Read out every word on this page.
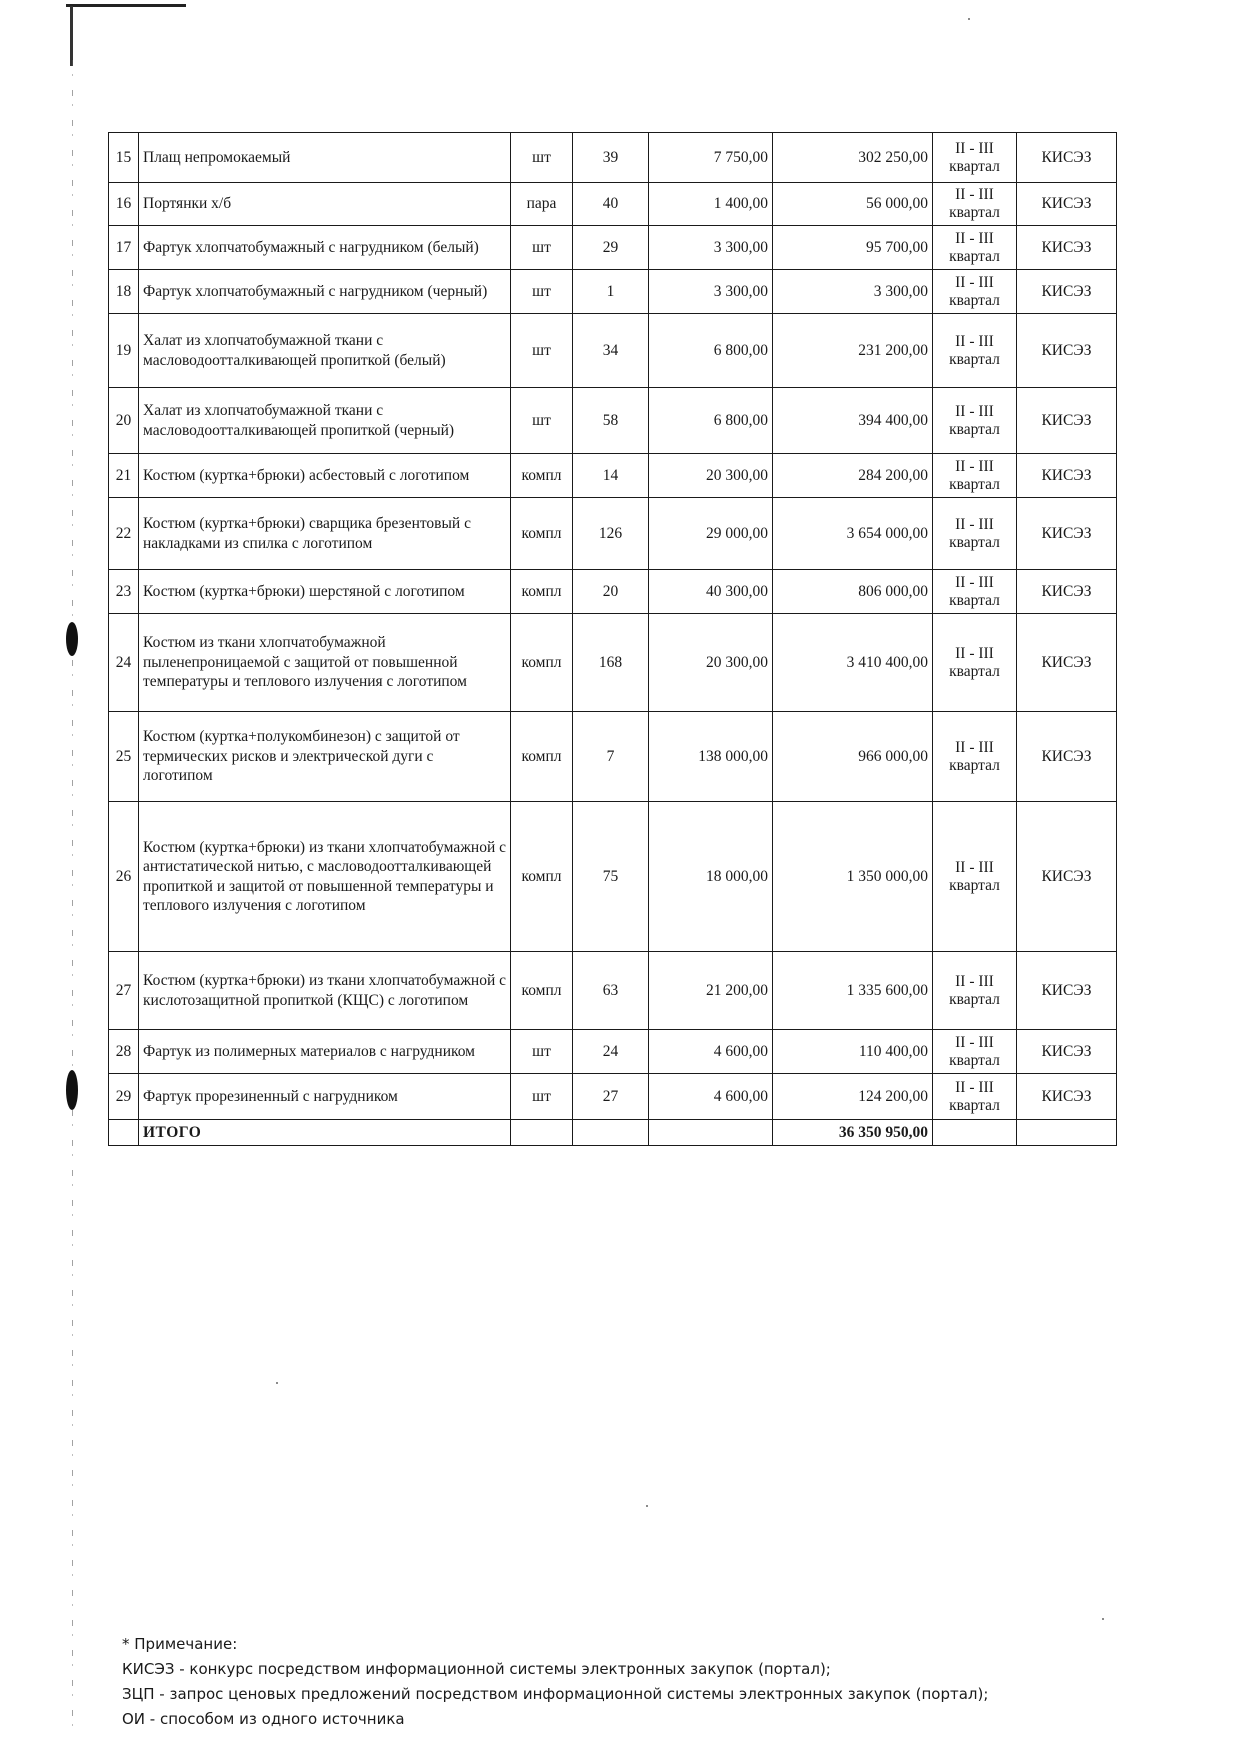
15	Плащ непромокаемый	шт	39	7 750,00	302 250,00	II - III квартал	КИСЭЗ
16	Портянки х/б	пара	40	1 400,00	56 000,00	II - III квартал	КИСЭЗ
17	Фартук хлопчатобумажный с нагрудником (белый)	шт	29	3 300,00	95 700,00	II - III квартал	КИСЭЗ
18	Фартук хлопчатобумажный с нагрудником (черный)	шт	1	3 300,00	3 300,00	II - III квартал	КИСЭЗ
19	Халат из хлопчатобумажной ткани с масловодоотталкивающей пропиткой (белый)	шт	34	6 800,00	231 200,00	II - III квартал	КИСЭЗ
20	Халат из хлопчатобумажной ткани с масловодоотталкивающей пропиткой (черный)	шт	58	6 800,00	394 400,00	II - III квартал	КИСЭЗ
21	Костюм (куртка+брюки) асбестовый с логотипом	компл	14	20 300,00	284 200,00	II - III квартал	КИСЭЗ
22	Костюм (куртка+брюки) сварщика брезентовый с накладками из спилка с логотипом	компл	126	29 000,00	3 654 000,00	II - III квартал	КИСЭЗ
23	Костюм (куртка+брюки) шерстяной с логотипом	компл	20	40 300,00	806 000,00	II - III квартал	КИСЭЗ
24	Костюм из ткани хлопчатобумажной пыленепроницаемой с защитой от повышенной температуры и теплового излучения с логотипом	компл	168	20 300,00	3 410 400,00	II - III квартал	КИСЭЗ
25	Костюм (куртка+полукомбинезон) с защитой от термических рисков и электрической дуги с логотипом	компл	7	138 000,00	966 000,00	II - III квартал	КИСЭЗ
26	Костюм (куртка+брюки) из ткани хлопчатобумажной с антистатической нитью, с масловодоотталкивающей пропиткой и защитой от повышенной температуры и теплового излучения с логотипом	компл	75	18 000,00	1 350 000,00	II - III квартал	КИСЭЗ
27	Костюм (куртка+брюки) из ткани хлопчатобумажной с кислотозащитной пропиткой (КЩС) с логотипом	компл	63	21 200,00	1 335 600,00	II - III квартал	КИСЭЗ
28	Фартук из полимерных материалов с нагрудником	шт	24	4 600,00	110 400,00	II - III квартал	КИСЭЗ
29	Фартук прорезиненный с нагрудником	шт	27	4 600,00	124 200,00	II - III квартал	КИСЭЗ
	ИТОГО				36 350 950,00		
* Примечание:
КИСЭЗ - конкурс посредством информационной системы электронных закупок (портал);
ЗЦП - запрос ценовых предложений посредством информационной системы электронных закупок (портал);
ОИ - способом из одного источника
